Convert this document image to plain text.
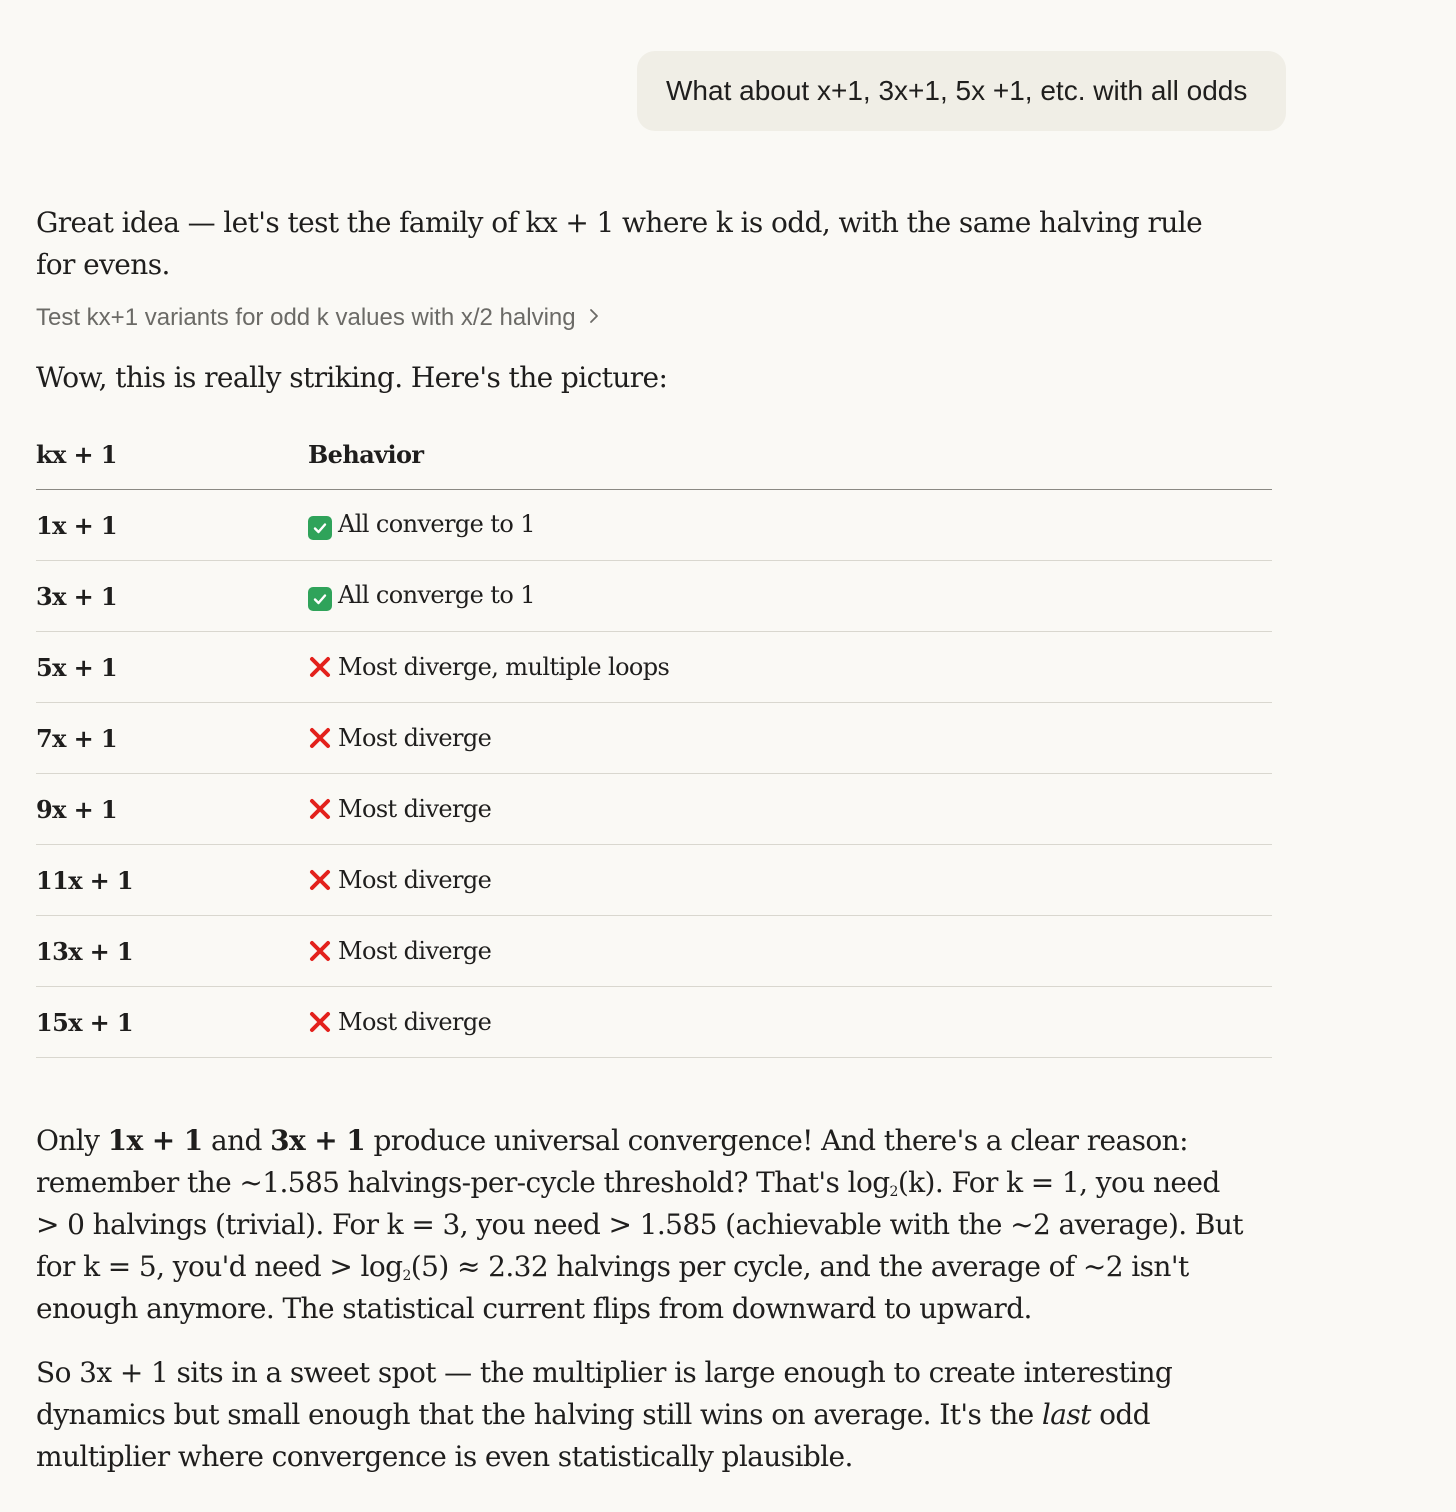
What about x+1, 3x+1, 5x +1, etc. with all odds

Great idea — let's test the family of kx + 1 where k is odd, with the same halving rule for evens.

Test kx+1 variants for odd k values with x/2 halving

Wow, this is really striking. Here's the picture:

kx + 1	Behavior
1x + 1	All converge to 1
3x + 1	All converge to 1
5x + 1	Most diverge, multiple loops
7x + 1	Most diverge
9x + 1	Most diverge
11x + 1	Most diverge
13x + 1	Most diverge
15x + 1	Most diverge

Only 1x + 1 and 3x + 1 produce universal convergence! And there's a clear reason: remember the ~1.585 halvings-per-cycle threshold? That's $\log_2(k)$. For k = 1, you need > 0 halvings (trivial). For k = 3, you need > 1.585 (achievable with the ~2 average). But for k = 5, you'd need > $\log_2(5) \approx 2.32$ halvings per cycle, and the average of ~2 isn't enough anymore. The statistical current flips from downward to upward.

So 3x + 1 sits in a sweet spot — the multiplier is large enough to create interesting dynamics but small enough that the halving still wins on average. It's the last odd multiplier where convergence is even statistically plausible.
